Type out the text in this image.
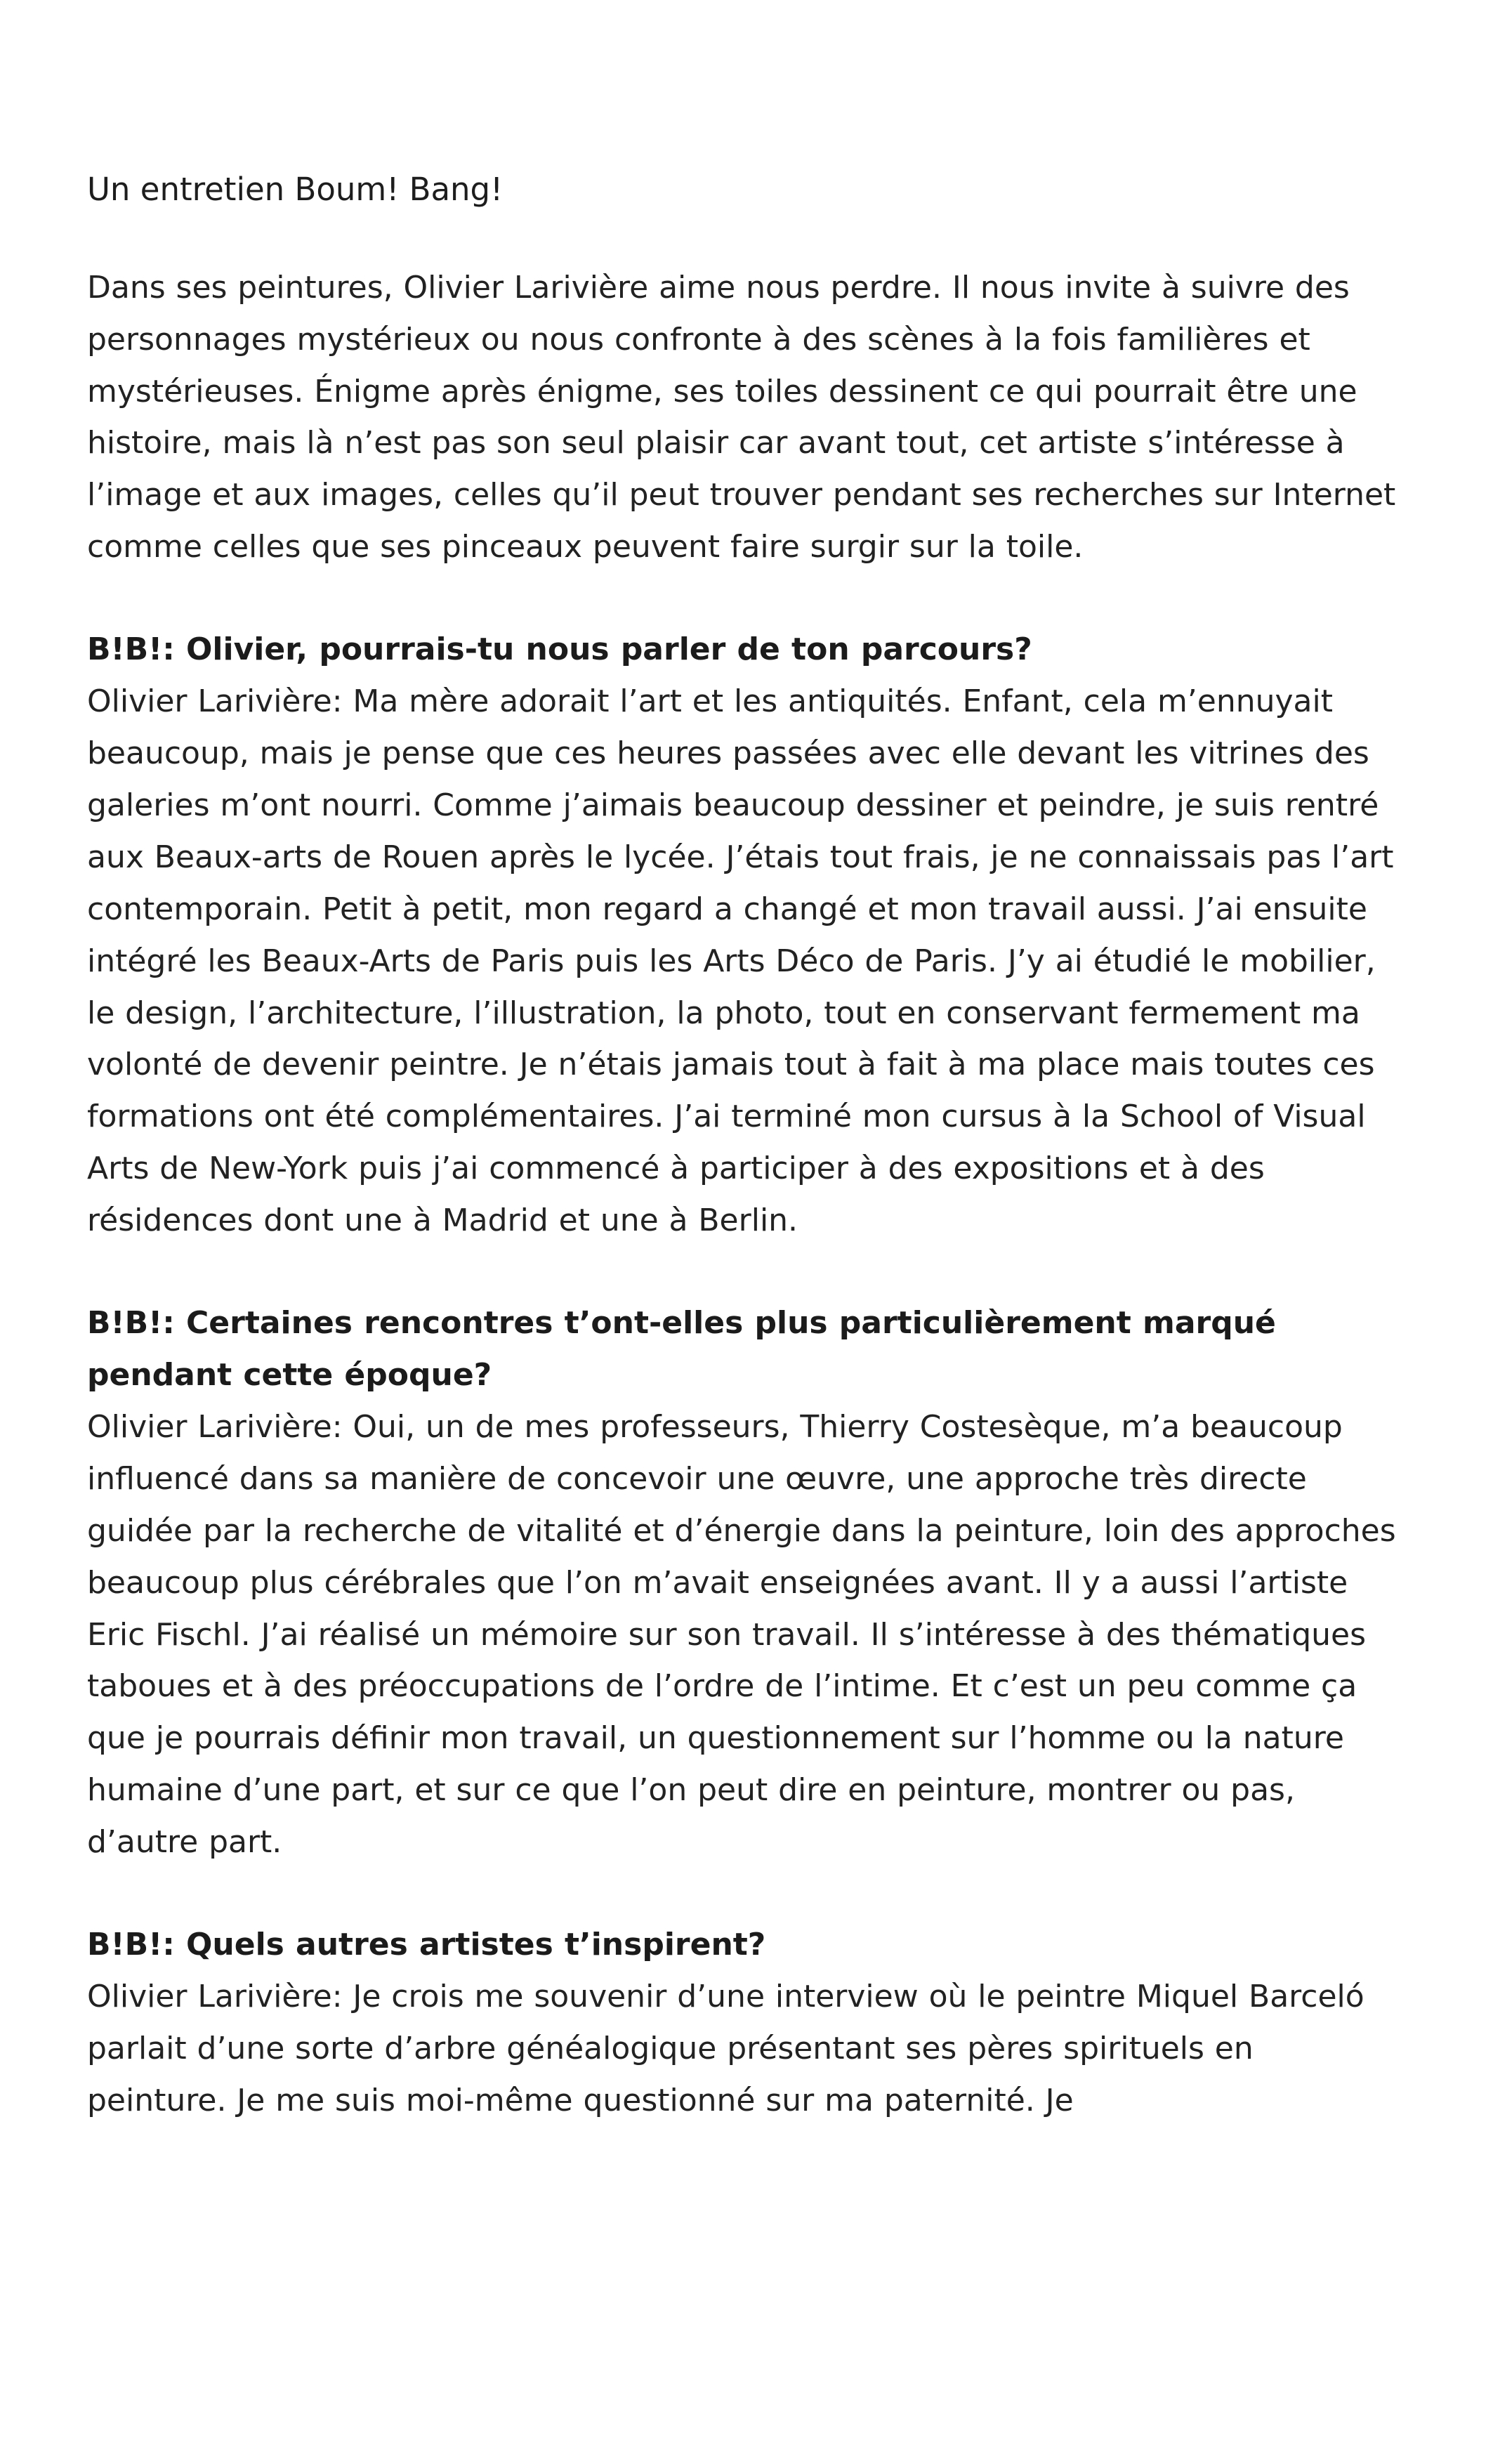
Un entretien Boum! Bang!

Dans ses peintures, Olivier Larivière aime nous perdre. Il nous invite à suivre des personnages mystérieux ou nous confronte à des scènes à la fois familières et mystérieuses. Énigme après énigme, ses toiles dessinent ce qui pourrait être une histoire, mais là n’est pas son seul plaisir car avant tout, cet artiste s’intéresse à l’image et aux images, celles qu’il peut trouver pendant ses recherches sur Internet comme celles que ses pinceaux peuvent faire surgir sur la toile.

B!B!: Olivier, pourrais-tu nous parler de ton parcours?

Olivier Larivière: Ma mère adorait l’art et les antiquités. Enfant, cela m’ennuyait beaucoup, mais je pense que ces heures passées avec elle devant les vitrines des galeries m’ont nourri. Comme j’aimais beaucoup dessiner et peindre, je suis rentré aux Beaux-arts de Rouen après le lycée. J’étais tout frais, je ne connaissais pas l’art contemporain. Petit à petit, mon regard a changé et mon travail aussi. J’ai ensuite intégré les Beaux-Arts de Paris puis les Arts Déco de Paris. J’y ai étudié le mobilier, le design, l’architecture, l’illustration, la photo, tout en conservant fermement ma volonté de devenir peintre. Je n’étais jamais tout à fait à ma place mais toutes ces formations ont été complémentaires. J’ai terminé mon cursus à la School of Visual Arts de New-York puis j’ai commencé à participer à des expositions et à des résidences dont une à Madrid et une à Berlin.

B!B!: Certaines rencontres t’ont-elles plus particulièrement marqué pendant cette époque?

Olivier Larivière: Oui, un de mes professeurs, Thierry Costesèque, m’a beaucoup influencé dans sa manière de concevoir une œuvre, une approche très directe guidée par la recherche de vitalité et d’énergie dans la peinture, loin des approches beaucoup plus cérébrales que l’on m’avait enseignées avant. Il y a aussi l’artiste Eric Fischl. J’ai réalisé un mémoire sur son travail. Il s’intéresse à des thématiques taboues et à des préoccupations de l’ordre de l’intime. Et c’est un peu comme ça que je pourrais définir mon travail, un questionnement sur l’homme ou la nature humaine d’une part, et sur ce que l’on peut dire en peinture, montrer ou pas, d’autre part.

B!B!: Quels autres artistes t’inspirent?

Olivier Larivière: Je crois me souvenir d’une interview où le peintre Miquel Barceló parlait d’une sorte d’arbre généalogique présentant ses pères spirituels en peinture. Je me suis moi-même questionné sur ma paternité. Je
